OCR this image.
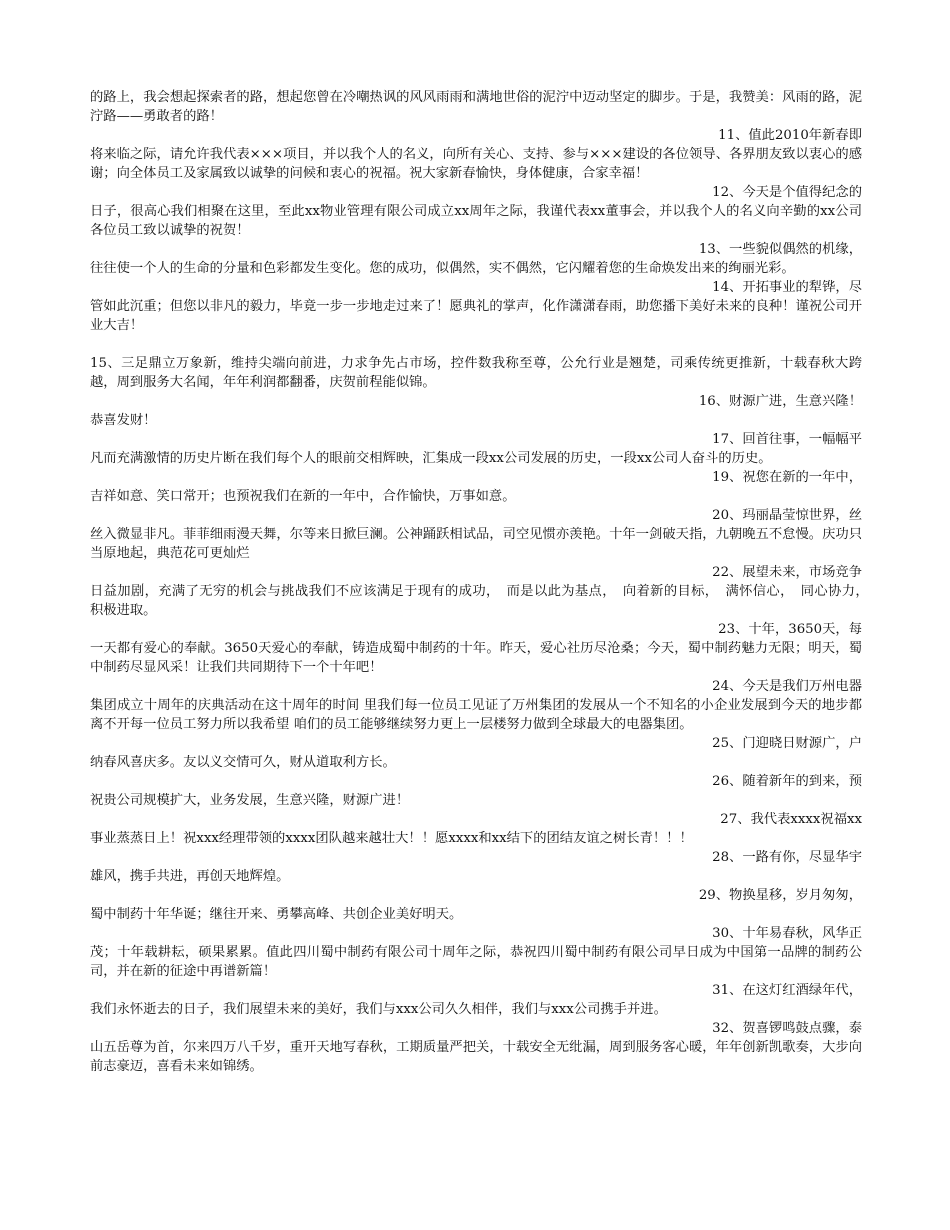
的路上，我会想起探索者的路，想起您曾在冷嘲热讽的风风雨雨和满地世俗的泥泞中迈动坚定的脚步。于是，我赞美：风雨的路，泥泞路——勇敢者的路！

11、值此2010年新春即

将来临之际，请允许我代表×××项目，并以我个人的名义，向所有关心、支持、参与×××建设的各位领导、各界朋友致以衷心的感谢；向全体员工及家属致以诚挚的问候和衷心的祝福。祝大家新春愉快，身体健康，合家幸福！

12、今天是个值得纪念的

日子，很高心我们相聚在这里，至此xx物业管理有限公司成立xx周年之际，我谨代表xx董事会，并以我个人的名义向辛勤的xx公司各位员工致以诚挚的祝贺！

13、一些貌似偶然的机缘，

往往使一个人的生命的分量和色彩都发生变化。您的成功，似偶然，实不偶然，它闪耀着您的生命焕发出来的绚丽光彩。

14、开拓事业的犁铧，尽

管如此沉重；但您以非凡的毅力，毕竟一步一步地走过来了！愿典礼的掌声，化作潇潇春雨，助您播下美好未来的良种！谨祝公司开业大吉！

15、三足鼎立万象新，维持尖端向前进，力求争先占市场，控件数我称至尊，公允行业是翘楚，司乘传统更推新，十载春秋大跨越，周到服务大名闻，年年利润都翻番，庆贺前程能似锦。

16、财源广进，生意兴隆！

恭喜发财！

17、回首往事，一幅幅平

凡而充满激情的历史片断在我们每个人的眼前交相辉映，汇集成一段xx公司发展的历史，一段xx公司人奋斗的历史。

19、祝您在新的一年中，

吉祥如意、笑口常开；也预祝我们在新的一年中，合作愉快，万事如意。

20、玛丽晶莹惊世界，丝

丝入微显非凡。菲菲细雨漫天舞，尔等来日掀巨澜。公神踊跃相试品，司空见惯亦羡艳。十年一剑破天指，九朝晚五不怠慢。庆功只当原地起，典范花可更灿烂

22、展望未来，市场竞争

日益加剧，充满了无穷的机会与挑战我们不应该满足于现有的成功，　而是以此为基点，　向着新的目标，　满怀信心，　同心协力，　积极进取。

23、十年，3650天，每

一天都有爱心的奉献。3650天爱心的奉献，铸造成蜀中制药的十年。昨天，爱心社历尽沧桑；今天，蜀中制药魅力无限；明天，蜀中制药尽显风采！让我们共同期待下一个十年吧！

24、今天是我们万州电器

集团成立十周年的庆典活动在这十周年的时间 里我们每一位员工见证了万州集团的发展从一个不知名的小企业发展到今天的地步都离不开每一位员工努力所以我希望 咱们的员工能够继续努力更上一层楼努力做到全球最大的电器集团。

25、门迎晓日财源广，户

纳春风喜庆多。友以义交情可久，财从道取利方长。

26、随着新年的到来，预

祝贵公司规模扩大，业务发展，生意兴隆，财源广进！

27、我代表xxxx祝福xx

事业蒸蒸日上！祝xxx经理带领的xxxx团队越来越壮大！！愿xxxx和xx结下的团结友谊之树长青！！！

28、一路有你，尽显华宇

雄风，携手共进，再创天地辉煌。

29、物换星移，岁月匆匆，

蜀中制药十年华诞；继往开来、勇攀高峰、共创企业美好明天。

30、十年易春秋，风华正

茂；十年载耕耘，硕果累累。值此四川蜀中制药有限公司十周年之际，恭祝四川蜀中制药有限公司早日成为中国第一品牌的制药公司，并在新的征途中再谱新篇！

31、在这灯红酒绿年代，

我们永怀逝去的日子，我们展望未来的美好，我们与xxx公司久久相伴，我们与xxx公司携手并进。

32、贺喜锣鸣鼓点骤，泰

山五岳尊为首，尔来四万八千岁，重开天地写春秋，工期质量严把关，十载安全无纰漏，周到服务客心暖，年年创新凯歌奏，大步向前志豪迈，喜看未来如锦绣。
